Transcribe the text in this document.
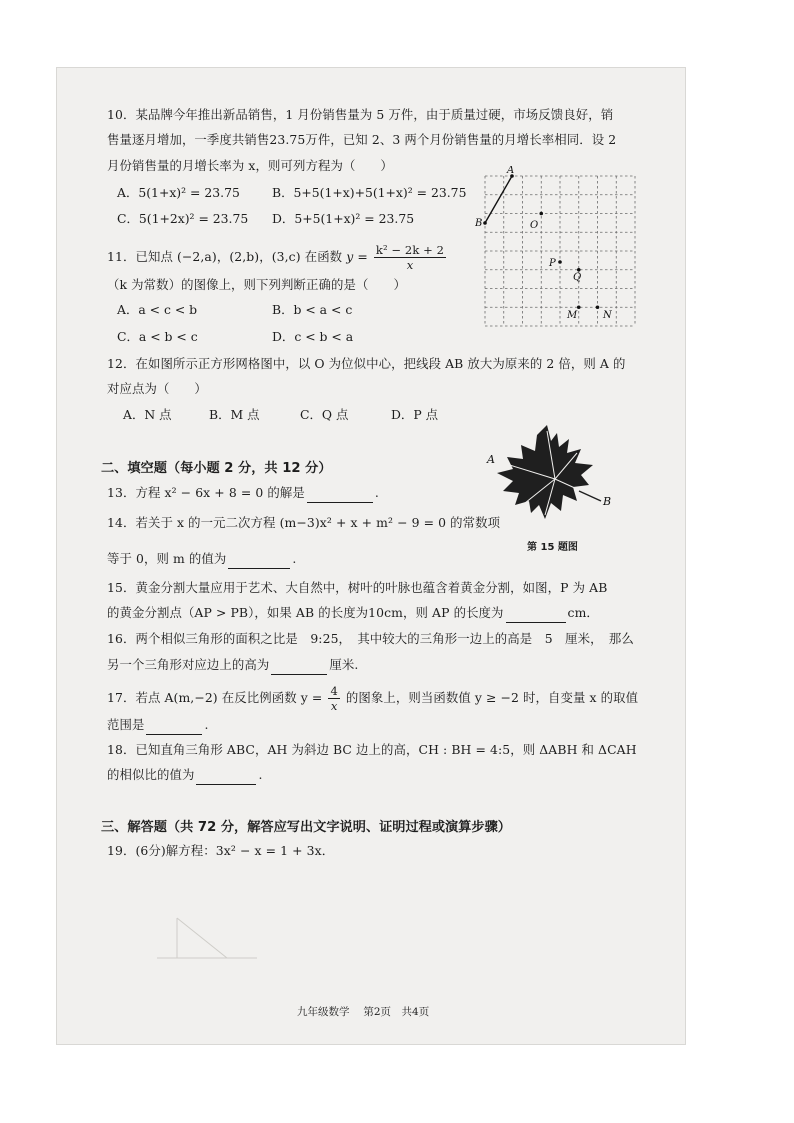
10．某品牌今年推出新品销售，1 月份销售量为 5 万件，由于质量过硬，市场反馈良好，销
售量逐月增加，一季度共销售23.75万件，已知 2、3 两个月份销售量的月增长率相同．设 2
月份销售量的月增长率为 x，则可列方程为（　　）
A．5(1+x)² = 23.75	B．5+5(1+x)+5(1+x)² = 23.75
C．5(1+2x)² = 23.75 D．5+5(1+x)² = 23.75
A
B	O
P
Q
M	N
11．已知点 (−2,a)，(2,b)，(3,c) 在函数 $y = \frac{\text{k² − 2k + 2}}{x}$
（k 为常数）的图像上，则下列判断正确的是（　　）
A．a < c < b	B．b < a < c
C．a < b < c	D．c < b < a
12．在如图所示正方形网格图中，以 O 为位似中心，把线段 AB 放大为原来的 2 倍，则 A 的
对应点为（　　）
A．N 点	B．M 点	C．Q 点	D．P 点
二、填空题（每小题 2 分，共 12 分）
A
B
第 15 题图
13．方程 x² − 6x + 8 = 0 的解是	.
14．若关于 x 的一元二次方程 (m−3)x² + x + m² − 9 = 0 的常数项
等于 0，则 m 的值为	.
15．黄金分割大量应用于艺术、大自然中，树叶的叶脉也蕴含着黄金分割，如图，P 为 AB
的黄金分割点（AP > PB），如果 AB 的长度为10cm，则 AP 的长度为	cm．
16．两个相似三角形的面积之比是　9:25，　其中较大的三角形一边上的高是　5　厘米，　那么
另一个三角形对应边上的高为	厘米.
17．若点 A(m,−2) 在反比例函数 $y = \frac{4}{x}$ 的图象上，则当函数值 y ≥ −2 时，自变量 x 的取值
范围是	.
18．已知直角三角形 ABC，AH 为斜边 BC 边上的高，CH : BH = 4:5，则 ΔABH 和 ΔCAH
的相似比的值为	.
三、解答题（共 72 分，解答应写出文字说明、证明过程或演算步骤）
19．(6分)解方程：3x² − x = 1 + 3x．
九年级数学　 第2页　共4页
